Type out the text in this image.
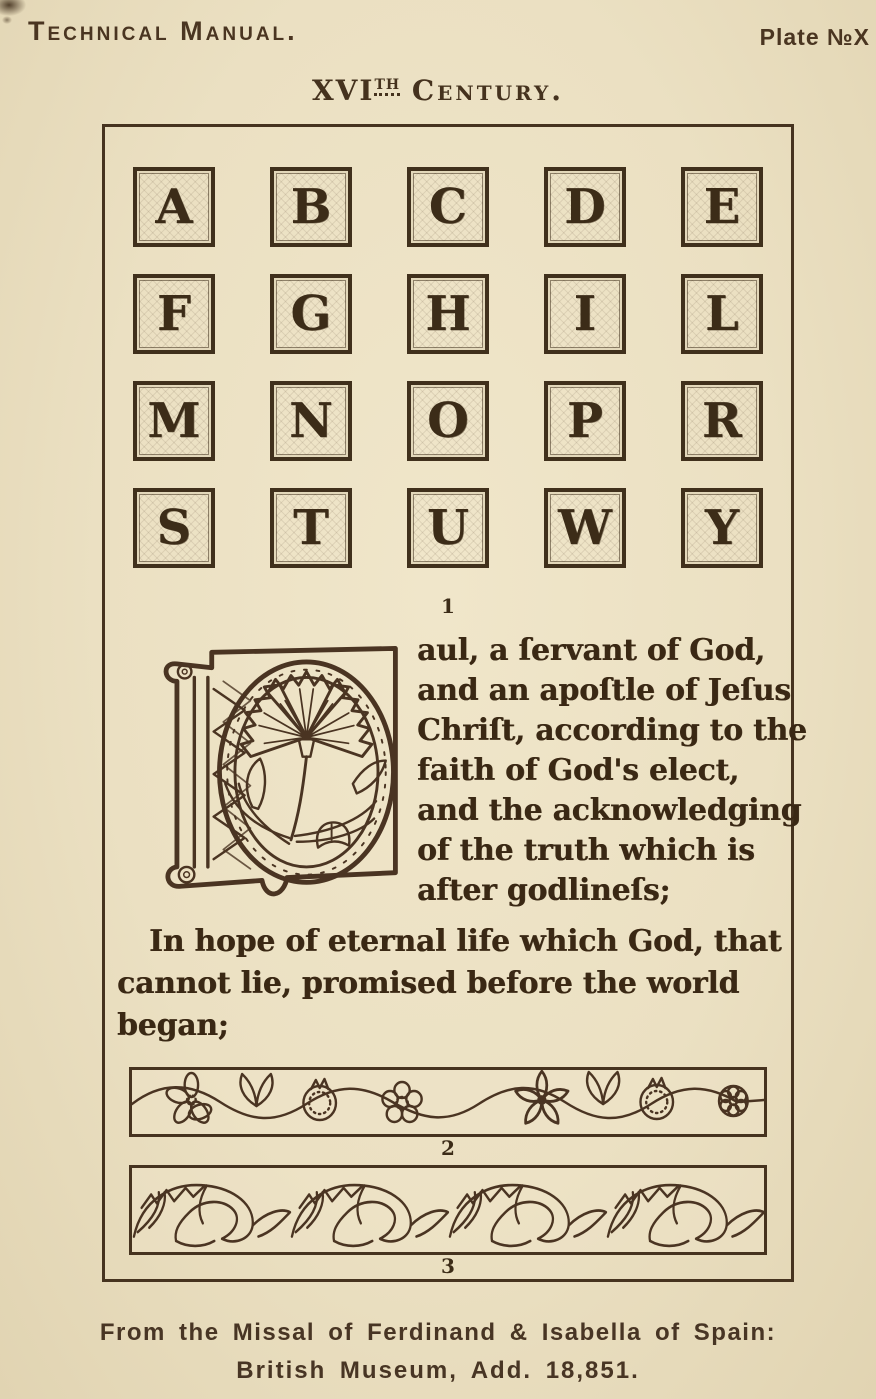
Technical Manual.	Plate №X
XVITH Century.
A B C D E
F G H I L
M N O P R
S T U W Y
1
aul, a ſervant of God,
and an apoſtle of Jeſus
Chriſt, according to the
faith of God's elect,
and the acknowledging
of the truth which is
after godlineſs;
In hope of eternal life which God, that
cannot lie, promised before the world
began;
2
3
From the Missal of Ferdinand & Isabella of Spain:
British Museum, Add. 18,851.
